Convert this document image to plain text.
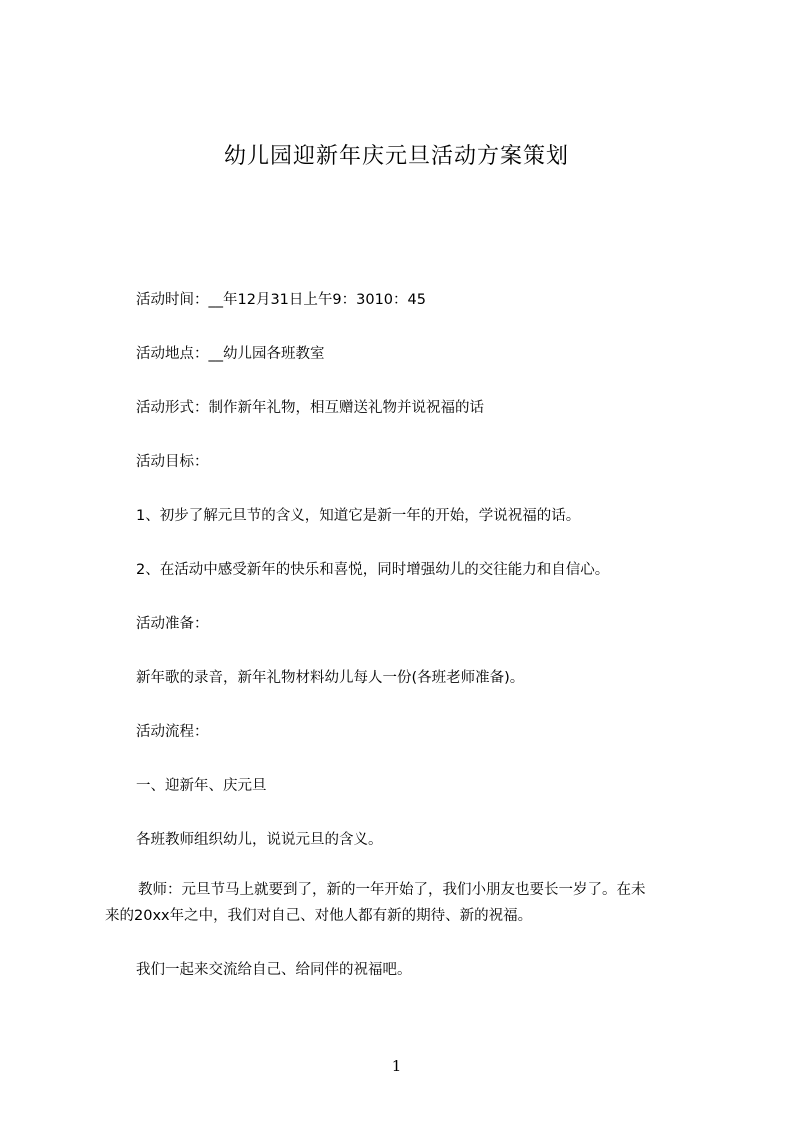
幼儿园迎新年庆元旦活动方案策划
活动时间：__年12月31日上午9：3010：45
活动地点：__幼儿园各班教室
活动形式：制作新年礼物，相互赠送礼物并说祝福的话
活动目标：
1、初步了解元旦节的含义，知道它是新一年的开始，学说祝福的话。
2、在活动中感受新年的快乐和喜悦，同时增强幼儿的交往能力和自信心。
活动准备：
新年歌的录音，新年礼物材料幼儿每人一份(各班老师准备)。
活动流程：
一、迎新年、庆元旦
各班教师组织幼儿，说说元旦的含义。
教师：元旦节马上就要到了，新的一年开始了，我们小朋友也要长一岁了。在未
来的20xx年之中，我们对自己、对他人都有新的期待、新的祝福。
我们一起来交流给自己、给同伴的祝福吧。
1
